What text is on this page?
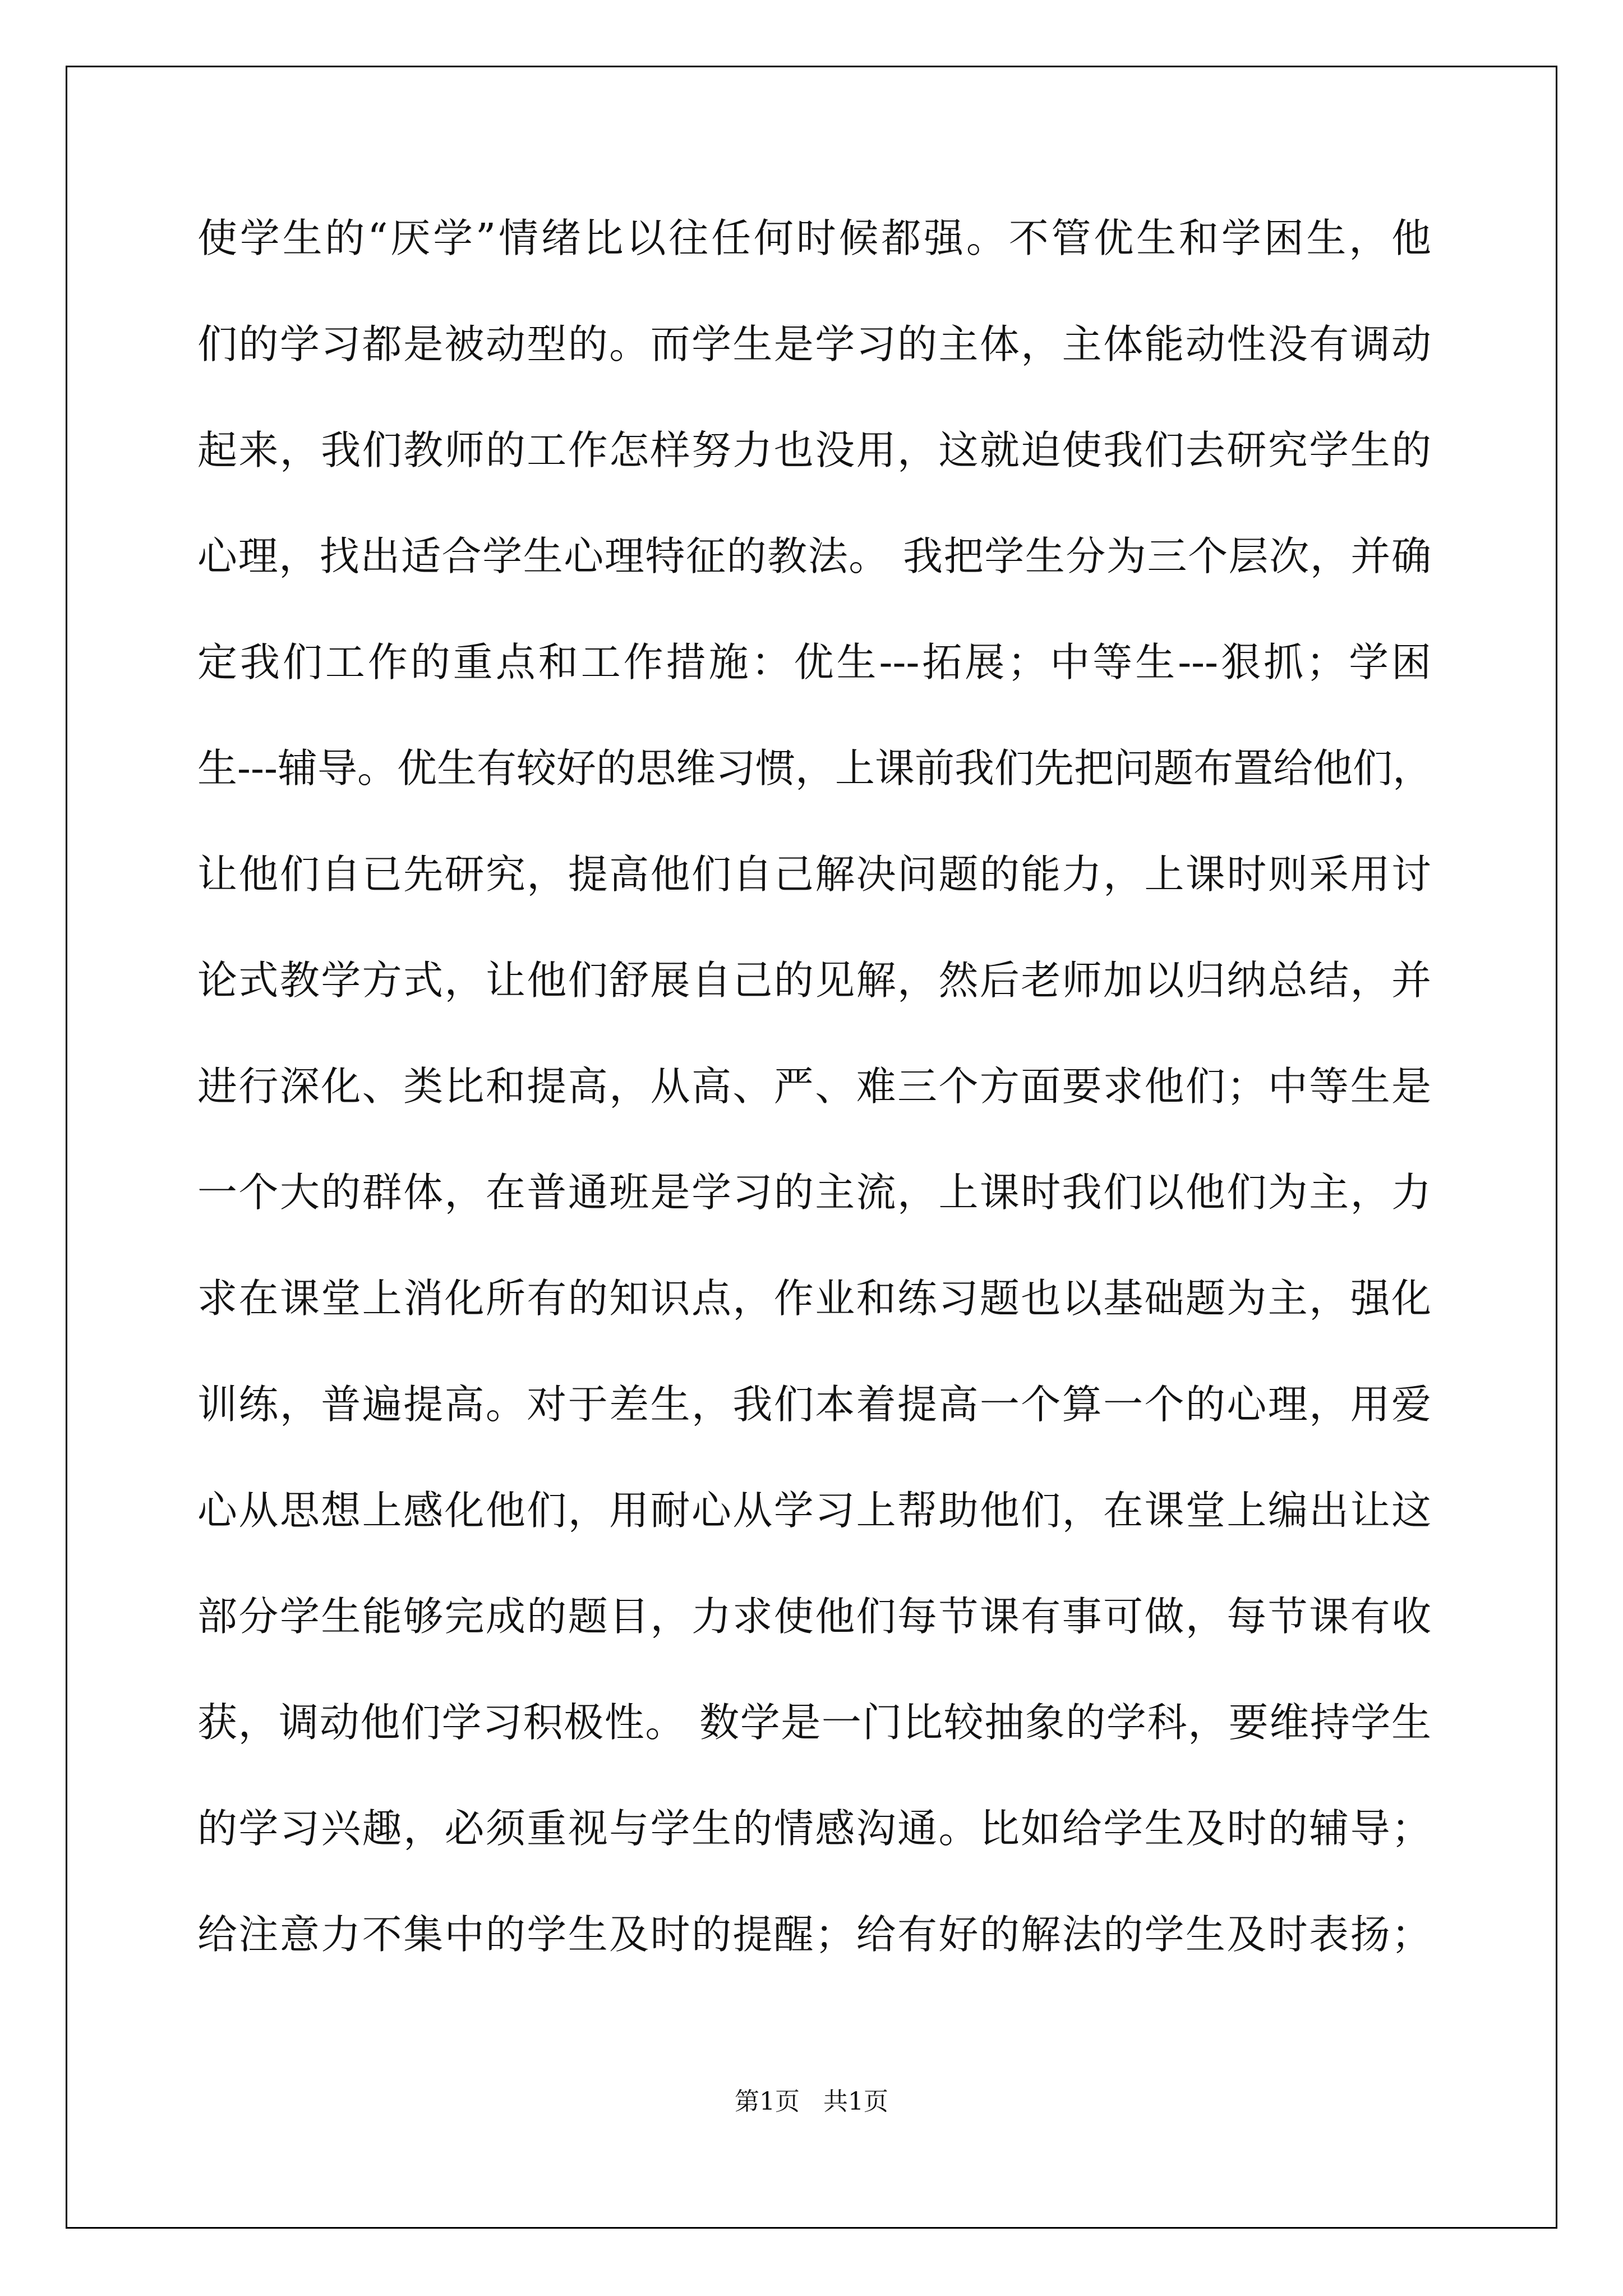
使学生的“厌学”情绪比以往任何时候都强。不管优生和学困生，他
们的学习都是被动型的。而学生是学习的主体，主体能动性没有调动
起来，我们教师的工作怎样努力也没用，这就迫使我们去研究学生的
心理，找出适合学生心理特征的教法。 我把学生分为三个层次，并确
定我们工作的重点和工作措施：优生---拓展；中等生---狠抓；学困
生---辅导。优生有较好的思维习惯，上课前我们先把问题布置给他们，
让他们自已先研究，提高他们自己解决问题的能力，上课时则采用讨
论式教学方式，让他们舒展自己的见解，然后老师加以归纳总结，并
进行深化、类比和提高，从高、严、难三个方面要求他们；中等生是
一个大的群体，在普通班是学习的主流，上课时我们以他们为主，力
求在课堂上消化所有的知识点，作业和练习题也以基础题为主，强化
训练，普遍提高。对于差生，我们本着提高一个算一个的心理，用爱
心从思想上感化他们，用耐心从学习上帮助他们，在课堂上编出让这
部分学生能够完成的题目，力求使他们每节课有事可做，每节课有收
获，调动他们学习积极性。 数学是一门比较抽象的学科，要维持学生
的学习兴趣，必须重视与学生的情感沟通。比如给学生及时的辅导；
给注意力不集中的学生及时的提醒；给有好的解法的学生及时表扬；
第1页   共1页
